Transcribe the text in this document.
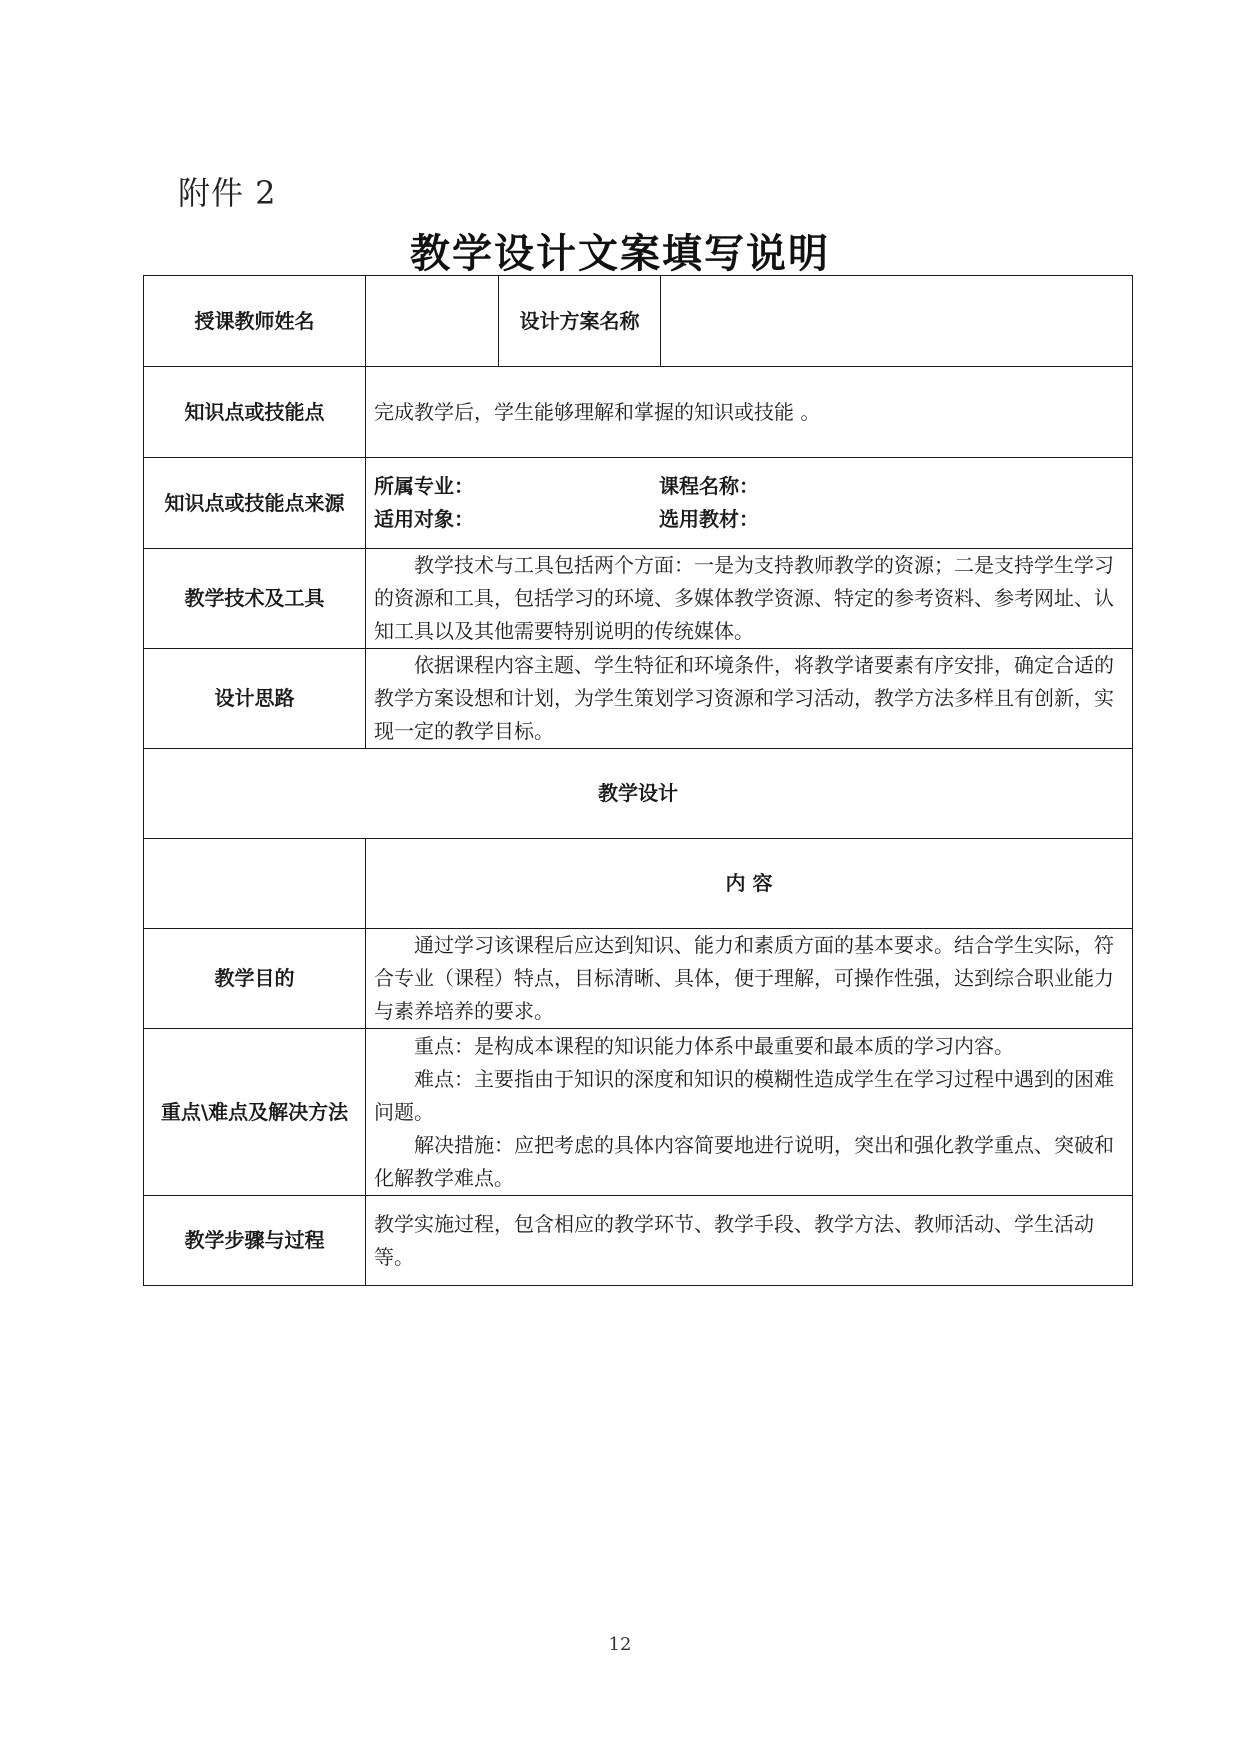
附件 2
教学设计文案填写说明
授课教师姓名		设计方案名称	
知识点或技能点	完成教学后，学生能够理解和掌握的知识或技能 。		
知识点或技能点来源	所属专业： 课程名称：
适用对象： 选用教材：		

教学技术及工具	教学技术与工具包括两个方面：一是为支持教师教学的资源；二是支持学生学习的资源和工具，包括学习的环境、多媒体教学资源、特定的参考资料、参考网址、认知工具以及其他需要特别说明的传统媒体。		
设计思路	依据课程内容主题、学生特征和环境条件，将教学诸要素有序安排，确定合适的教学方案设想和计划，为学生策划学习资源和学习活动，教学方法多样且有创新，实现一定的教学目标。		
教学设计			
	内 容		
教学目的	通过学习该课程后应达到知识、能力和素质方面的基本要求。结合学生实际，符合专业（课程）特点，目标清晰、具体，便于理解，可操作性强，达到综合职业能力与素养培养的要求。		
重点\难点及解决方法	重点：是构成本课程的知识能力体系中最重要和最本质的学习内容。
难点：主要指由于知识的深度和知识的模糊性造成学生在学习过程中遇到的困难问题。
解决措施：应把考虑的具体内容简要地进行说明，突出和强化教学重点、突破和化解教学难点。		

教学步骤与过程	教学实施过程，包含相应的教学环节、教学手段、教学方法、教师活动、学生活动等。		
12
